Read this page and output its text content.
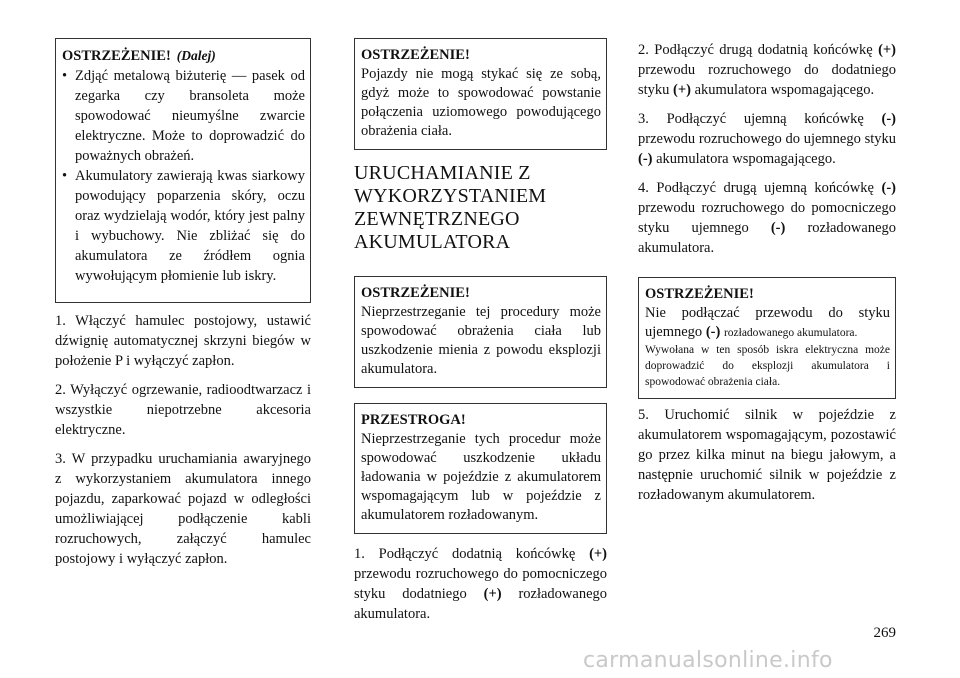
OSTRZEŻENIE! (Dalej)
• Zdjąć metalową biżuterię — pasek od zegarka czy bransoleta może spowodować nieumyślne zwarcie elektryczne. Może to doprowadzić do poważnych obrażeń.
• Akumulatory zawierają kwas siarkowy powodujący poparzenia skóry, oczu oraz wydzielają wodór, który jest palny i wybuchowy. Nie zbliżać się do akumulatora ze źródłem ognia wywołującym płomienie lub iskry.

1. Włączyć hamulec postojowy, ustawić dźwignię automatycznej skrzyni biegów w położenie P i wyłączyć zapłon.

2. Wyłączyć ogrzewanie, radioodtwarzacz i wszystkie niepotrzebne akcesoria elektryczne.

3. W przypadku uruchamiania awaryjnego z wykorzystaniem akumulatora innego pojazdu, zaparkować pojazd w odległości umożliwiającej podłączenie kabli rozruchowych, załączyć hamulec postojowy i wyłączyć zapłon.

OSTRZEŻENIE!
Pojazdy nie mogą stykać się ze sobą, gdyż może to spowodować powstanie połączenia uziomowego powodującego obrażenia ciała.
URUCHAMIANIE Z WYKORZYSTANIEM ZEWNĘTRZNEGO AKUMULATORA
OSTRZEŻENIE!
Nieprzestrzeganie tej procedury może spowodować obrażenia ciała lub uszkodzenie mienia z powodu eksplozji akumulatora.
PRZESTROGA!
Nieprzestrzeganie tych procedur może spowodować uszkodzenie układu ładowania w pojeździe z akumulatorem wspomagającym lub w pojeździe z akumulatorem rozładowanym.

1. Podłączyć dodatnią końcówkę (+) przewodu rozruchowego do pomocniczego styku dodatniego (+) rozładowanego akumulatora.

2. Podłączyć drugą dodatnią końcówkę (+) przewodu rozruchowego do dodatniego styku (+) akumulatora wspomagającego.

3. Podłączyć ujemną końcówkę (-) przewodu rozruchowego do ujemnego styku (-) akumulatora wspomagającego.

4. Podłączyć drugą ujemną końcówkę (-) przewodu rozruchowego do pomocniczego styku ujemnego (-) rozładowanego akumulatora.

OSTRZEŻENIE!
Nie podłączać przewodu do styku ujemnego (-) rozładowanego akumulatora.
Wywołana w ten sposób iskra elektryczna może doprowadzić do eksplozji akumulatora i spowodować obrażenia ciała.

5. Uruchomić silnik w pojeździe z akumulatorem wspomagającym, pozostawić go przez kilka minut na biegu jałowym, a następnie uruchomić silnik w pojeździe z rozładowanym akumulatorem.

269
carmanualsonline.info
